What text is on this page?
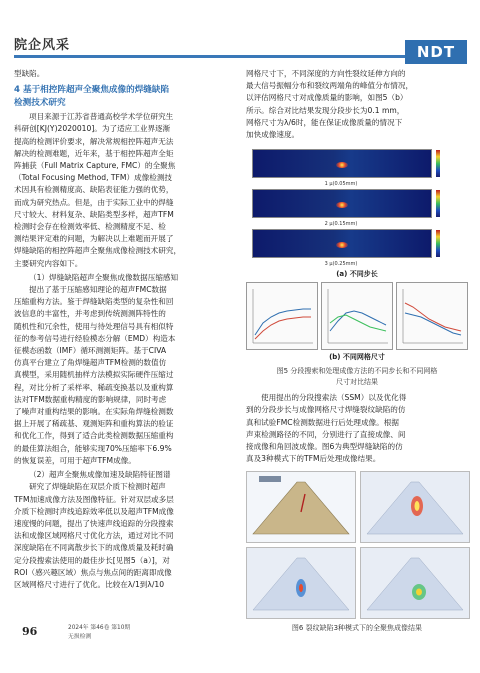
院企风采	NDT

型缺陷。

4 基于相控阵超声全聚焦成像的焊缝缺陷
检测技术研究
项目来源于江苏省普通高校学术学位研究生
科研创[KJ(Y)2020010]。为了适应工业界逐渐
提高的检测评价要求，解决常规相控阵超声无法
解决的检测难题，近年来，基于相控阵超声全矩
阵捕获（Full Matrix Capture, FMC）的全聚焦
（Total Focusing Method, TFM）成像检测技
术因具有检测精度高、缺陷表征能力强的优势，
而成为研究热点。但是，由于实际工业中的焊缝
尺寸较大、材料复杂、缺陷类型多样，超声TFM
检测时会存在检测效率低、检测精度不足、检
测结果评定难的问题，为解决以上难题而开展了
焊缝缺陷的相控阵超声全聚焦成像检测技术研究，
主要研究内容如下。

（1）焊缝缺陷超声全聚焦成像数据压缩感知

提出了基于压缩感知理论的超声FMC数据
压缩重构方法。鉴于焊缝缺陷类型的复杂性和回
波信息的丰富性，并考虑到传统测测阵特性的
随机性和冗余性，使用与待处理信号具有相似特
征的参考信号进行经验模态分解（EMD）构造本
征模态函数（IMF）循环测测矩阵。基于CIVA
仿真平台建立了角焊缝超声TFM检测的数值仿
真模型，采用随机抽样方法模拟实际硬件压缩过
程，对比分析了采样率、稀疏变换基以及重构算
法对TFM数据重构精度的影响规律，同时考虑
了噪声对重构结果的影响。在实际角焊缝检测数
据上开展了稀疏基、观测矩阵和重构算法的验证
和优化工作，得到了适合此类检测数据压缩重构
的最佳算法组合，能够实现70%压缩率下6.9%
的恢复误差，可用于超声TFM成像。

（2）超声全聚焦成像加速及缺陷特征图谱

研究了焊缝缺陷在双层介质下检测时超声
TFM加速成像方法及图像特征。针对双层或多层
介质下检测时声线追踪效率低以及超声TFM成像
速度慢的问题，提出了快速声线追踪的分段搜索
法和成像区域网格尺寸优化方法，通过对比不同
深度缺陷在不同离散步长下的成像质量及耗时确
定分段搜索法使用的最佳步长[见图5（a）]，对
ROI（感兴趣区域）焦点与焦点间的距离即成像
区域网格尺寸进行了优化。比较在λ/1到λ/10
网格尺寸下，不同深度的方向性裂纹延伸方向的
最大信号振幅分布和裂纹两端角的峰值分布情况，
以评估网格尺寸对成像质量的影响，如图5（b）
所示。综合对比结果发现分段步长为0.1 mm，
网格尺寸为λ/6时，能在保证成像质量的情况下
加快成像速度。
1 μ(0.05mm)
2 μ(0.15mm)
3 μ(0.25mm)
(a) 不同步长
(b) 不同网格尺寸
图5 分段搜索和处理成像方法的不同步长和不同网格
尺寸对比结果
使用提出的分段搜索法（SSM）以及优化得
到的分段步长与成像网格尺寸焊缝裂纹缺陷的仿
真和试验FMC检测数据进行后处理成像。根据
声束检测路径的不同，分别进行了直接成像、间
接成像和角回波成像。图6为典型焊缝缺陷的仿
真及3种模式下的TFM后处理成像结果。
图6 裂纹缺陷3种模式下的全聚焦成像结果
96	2024年 第46卷 第10期
无损检测
